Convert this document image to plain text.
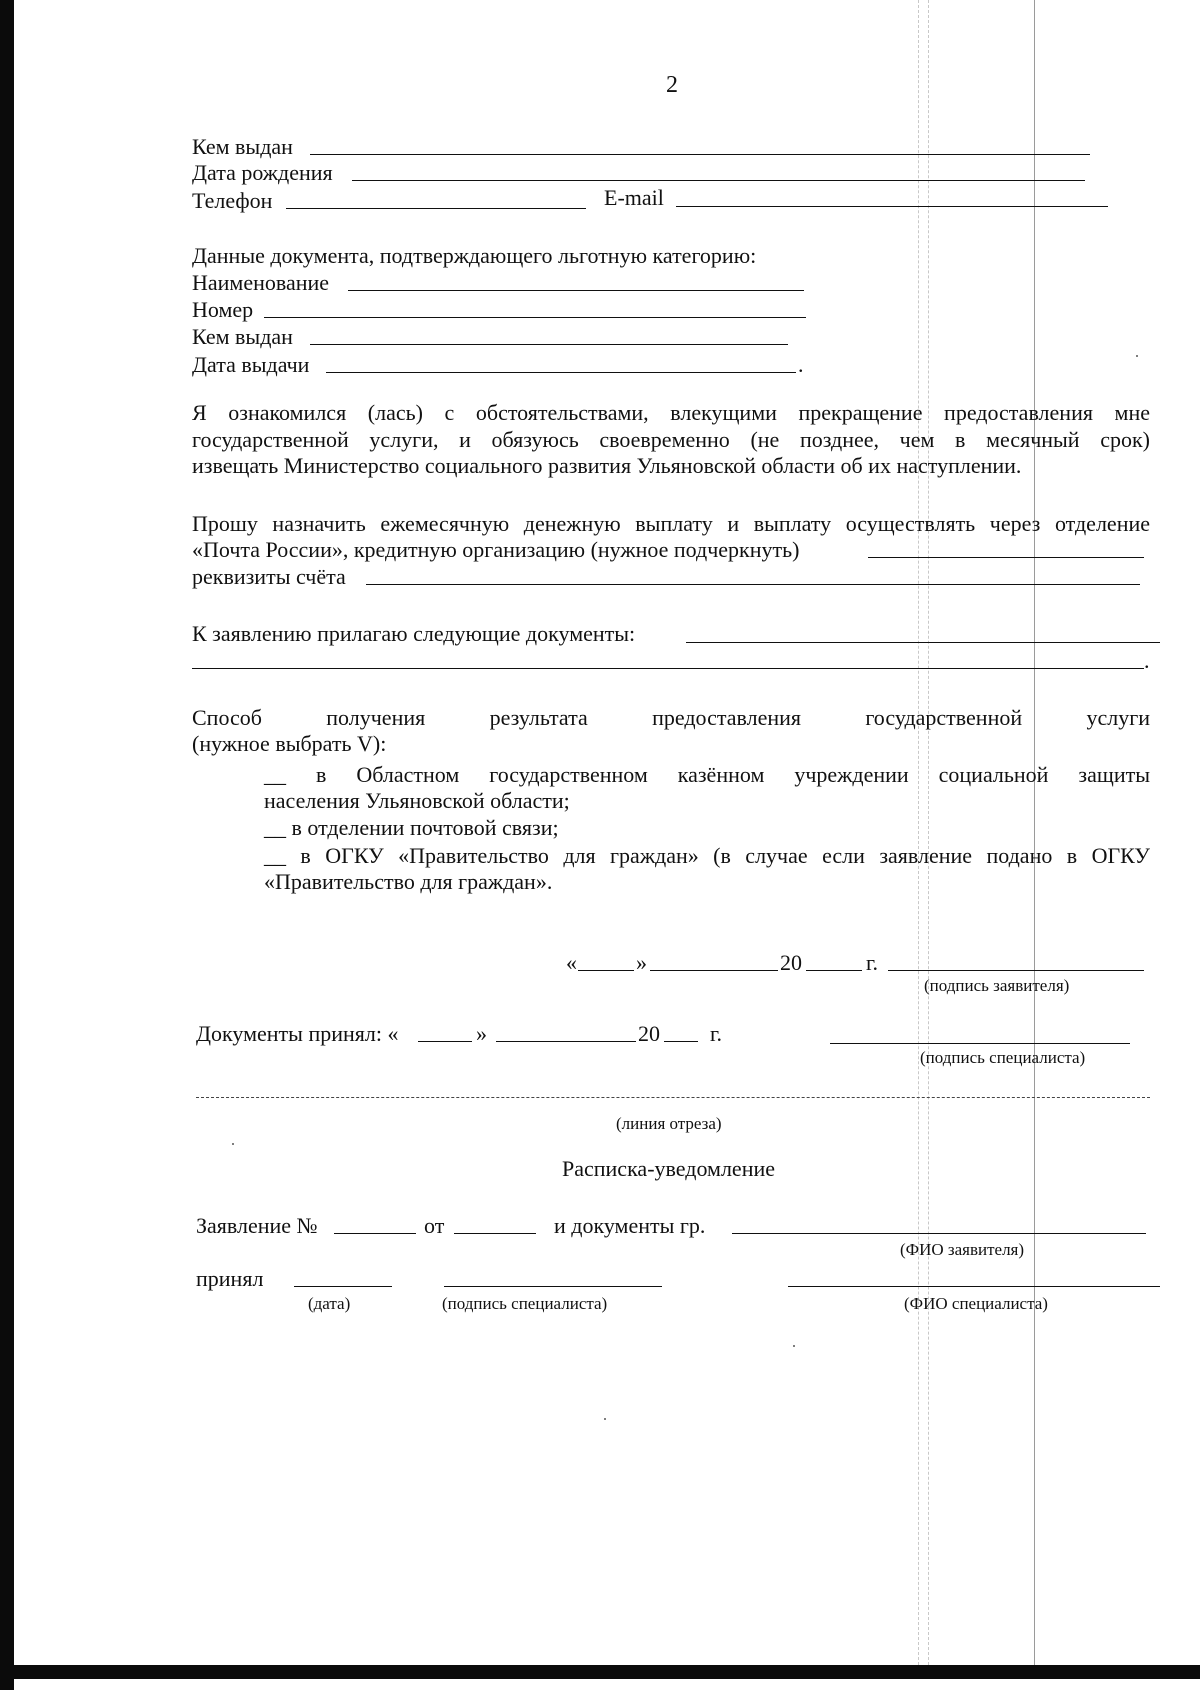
2
Кем выдан
Дата рождения
Телефон	E-mail
Данные документа, подтверждающего льготную категорию:
Наименование
Номер
Кем выдан
Дата выдачи	.
Я ознакомился (лась) с обстоятельствами, влекущими прекращение предоставления мне
государственной услуги, и обязуюсь своевременно (не позднее, чем в месячный срок)
извещать Министерство социального развития Ульяновской области об их наступлении.
Прошу назначить ежемесячную денежную выплату и выплату осуществлять через отделение
«Почта России», кредитную организацию (нужное подчеркнуть)
реквизиты счёта
К заявлению прилагаю следующие документы:
.
Способ получения результата предоставления государственной услуги
(нужное выбрать V):
__ в Областном государственном казённом учреждении социальной защиты
населения Ульяновской области;
__ в отделении почтовой связи;
__ в ОГКУ «Правительство для граждан» (в случае если заявление подано в ОГКУ
«Правительство для граждан».
«	»	20	г.
(подпись заявителя)
Документы принял: «	»	20 г.
(подпись специалиста)
(линия отреза)
Расписка-уведомление
Заявление №	от	и документы гр.
(ФИО заявителя)
принял
(дата)	(подпись специалиста)	(ФИО специалиста)
